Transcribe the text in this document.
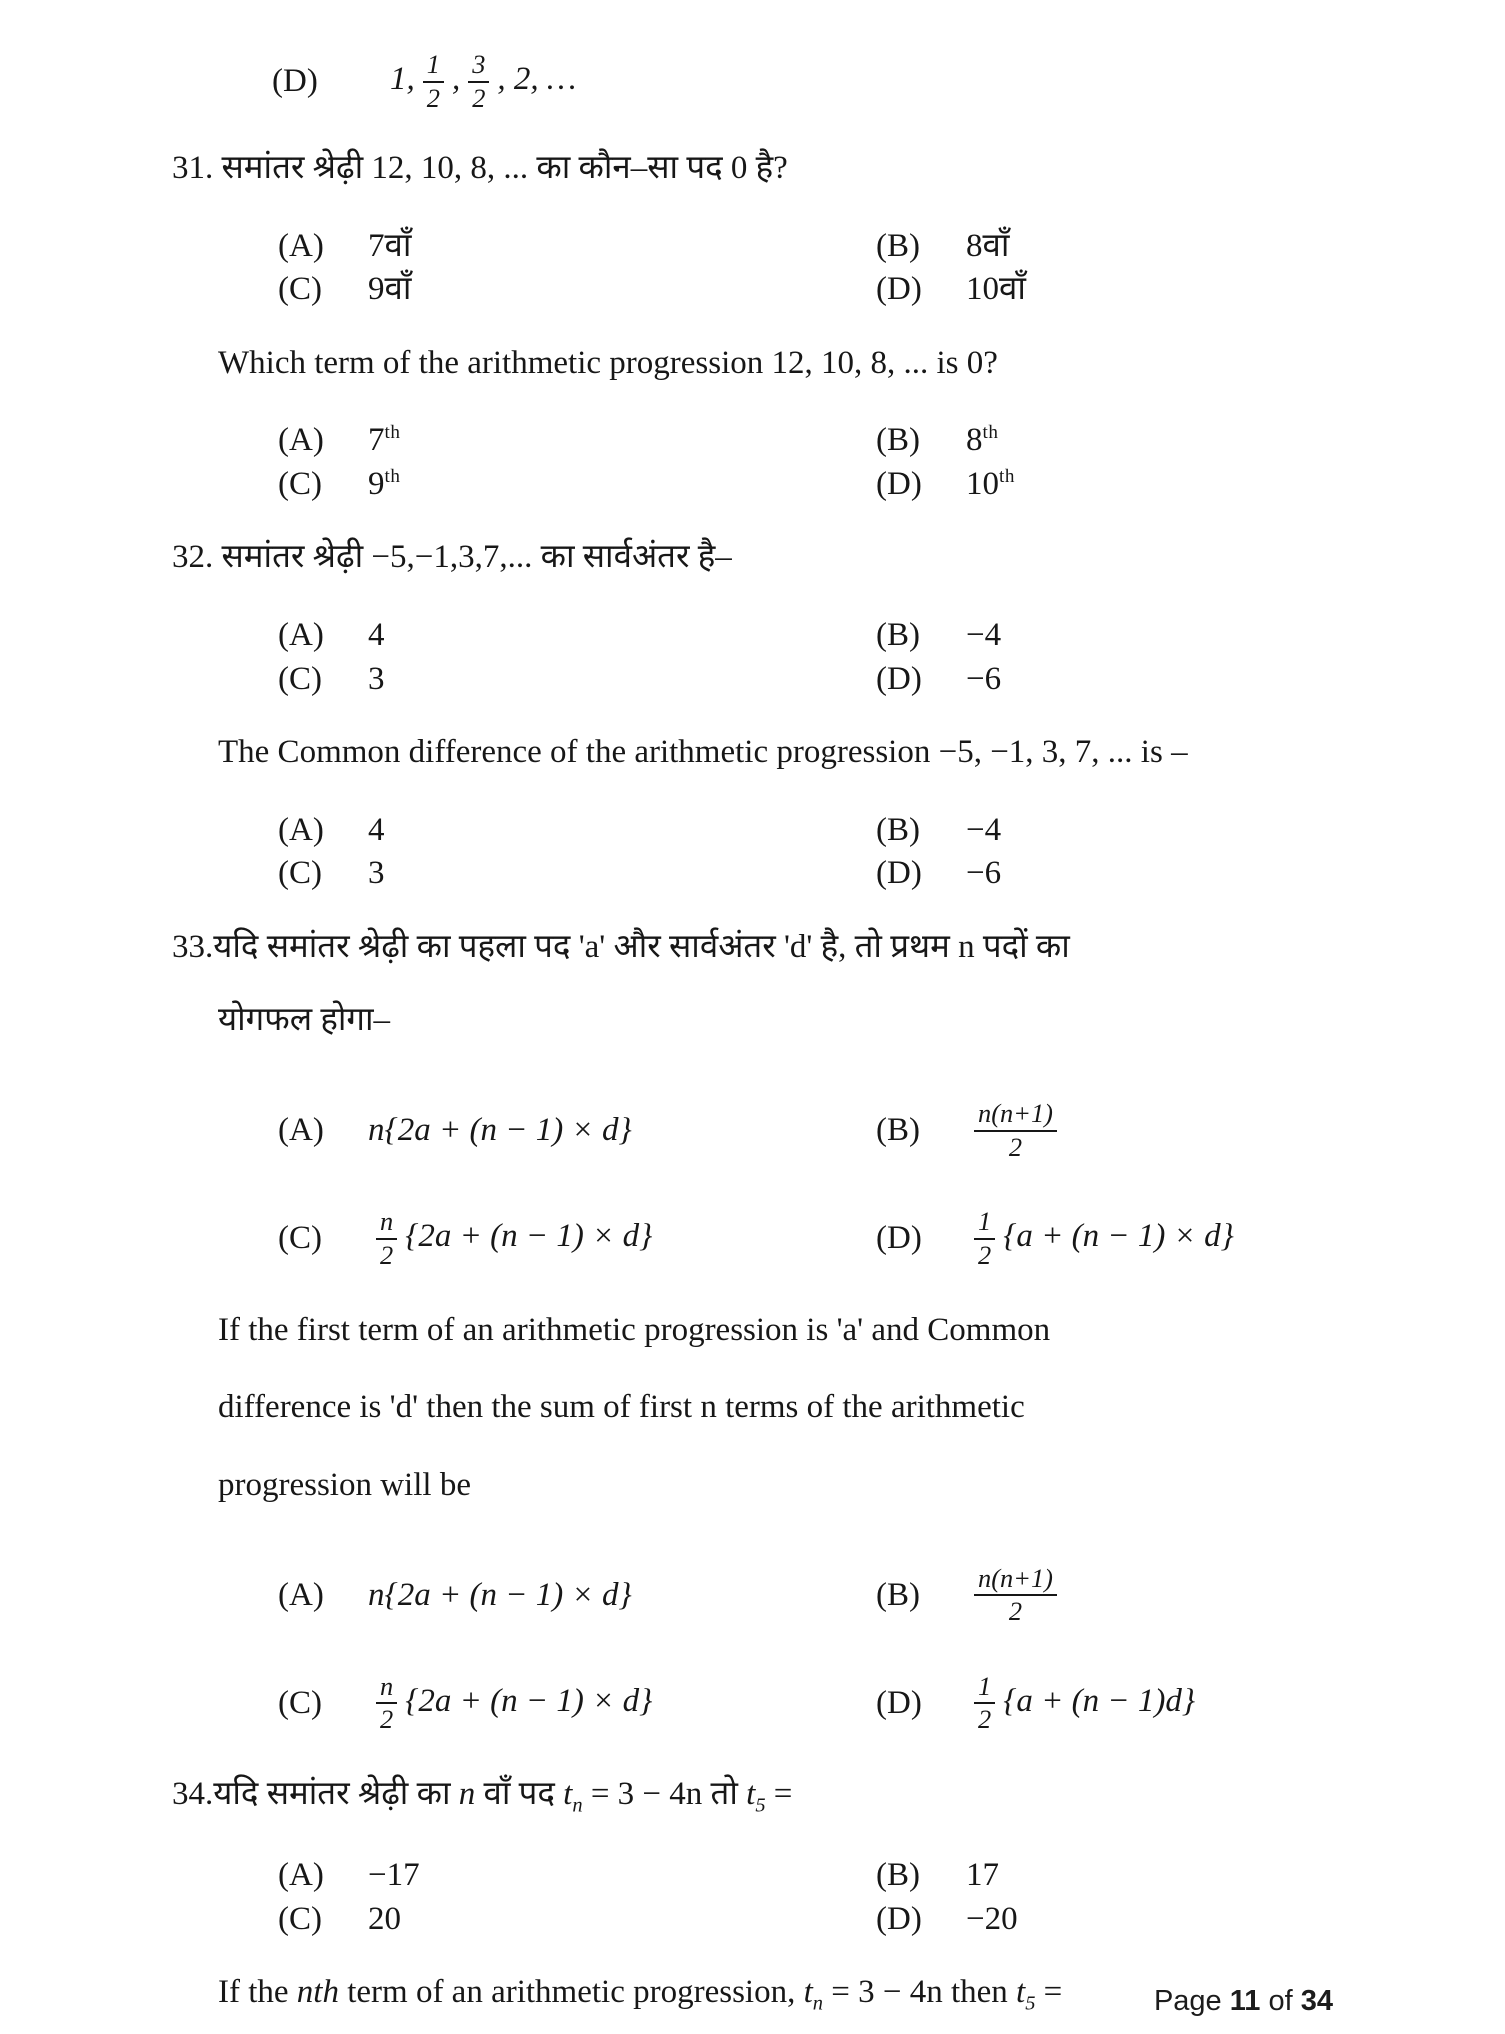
(D)	1, $\frac{1}{2}$ , $\frac{3}{2}$ , 2, …
31. समांतर श्रेढ़ी 12, 10, 8, ... का कौन–सा पद 0 है?
(A)	7वाँ	(B)	8वाँ
(C)	9वाँ	(D)	10वाँ
Which term of the arithmetic progression 12, 10, 8, ... is 0?
(A)	7th	(B)	8th
(C)	9th	(D)	10th
32. समांतर श्रेढ़ी −5,−1,3,7,... का सार्वअंतर है–
(A)	4	(B)	−4
(C)	3	(D)	−6
The Common difference of the arithmetic progression −5, −1, 3, 7, ... is –
(A)	4	(B)	−4
(C)	3	(D)	−6
33.यदि समांतर श्रेढ़ी का पहला पद 'a' और सार्वअंतर 'd' है, तो प्रथम n पदों का
योगफल होगा–
(A)	n{2a + (n − 1) × d}	(B)	$\frac{n(n+1)}{2}$
(C)	$\frac{n}{2} \{2a + (n - 1) \times d\}$	(D)	$\frac{1}{2} \{a + (n - 1) \times d\}$
If the first term of an arithmetic progression is 'a' and Common
difference is 'd' then the sum of first n terms of the arithmetic
progression will be
(A)	n{2a + (n − 1) × d}	(B)	$\frac{n(n+1)}{2}$
(C)	$\frac{n}{2} \{2a + (n - 1) \times d\}$	(D)	$\frac{1}{2} \{a + (n - 1)d\}$
34.यदि समांतर श्रेढ़ी का n वाँ पद $t_n = 3 - 4n$ तो $t_5$ =
(A)	−17	(B)	17
(C)	20	(D)	−20
If the nth term of an arithmetic progression, $t_n = 3 - 4n$ then $t_5$ =	Page 11 of 34
